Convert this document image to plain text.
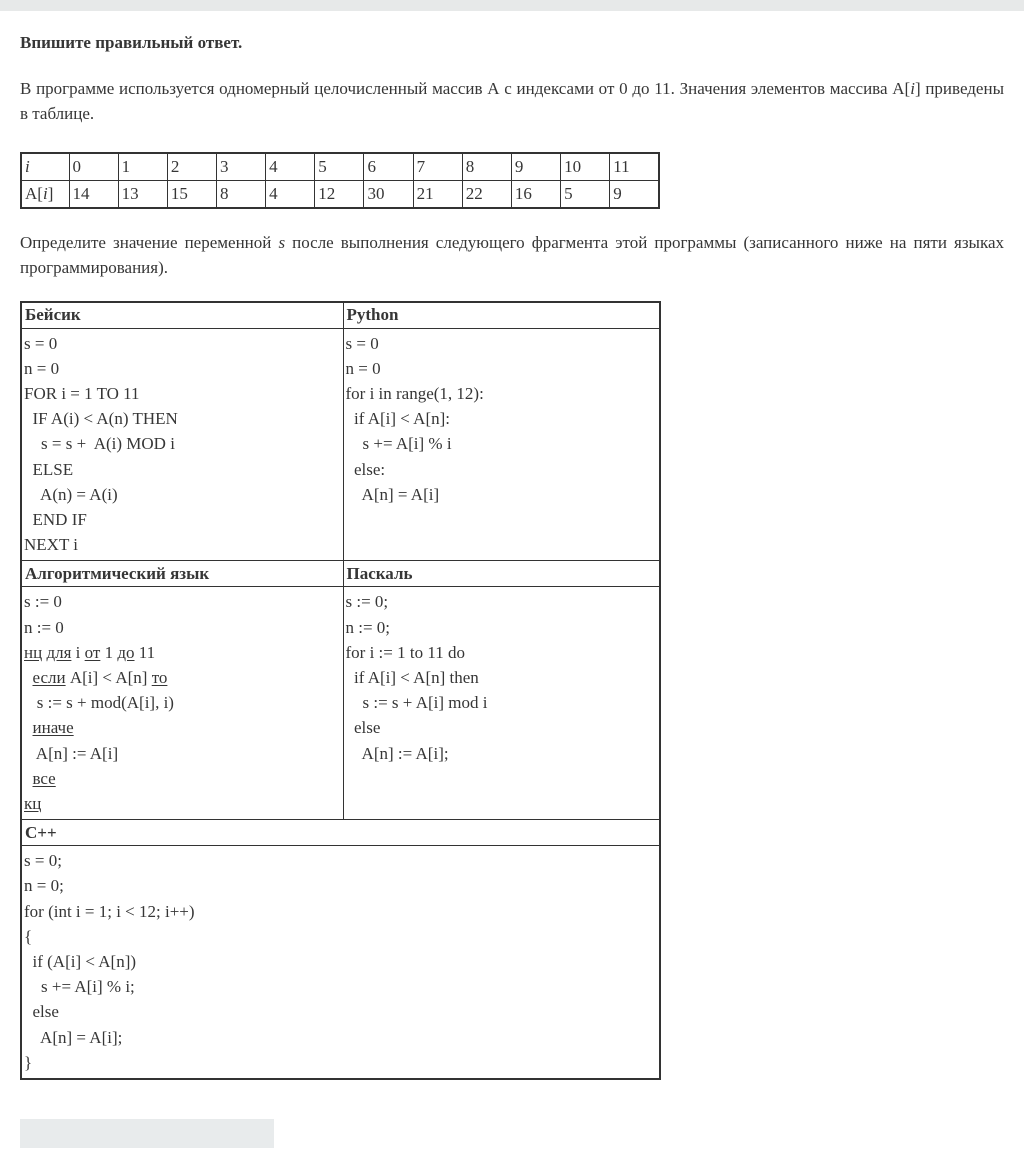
Впишите правильный ответ.

В программе используется одномерный целочисленный массив А с индексами от 0 до 11. Значения элементов массива А[i] приведены в таблице.

i	0	1	2	3	4	5	6	7	8	9	10	11
A[i]	14	13	15	8	4	12	30	21	22	16	5	9

Определите значение переменной s после выполнения следующего фрагмента этой программы (записанного ниже на пяти языках программирования).

Бейсик	Python

s = 0
n = 0
FOR i = 1 TO 11
IF A(i) < A(n) THEN
s = s +  A(i) MOD i
ELSE
A(n) = A(i)
END IF
NEXT i

s = 0
n = 0
for i in range(1, 12):
if A[i] < A[n]:
s += A[i] % i
else:
A[n] = A[i]

Алгоритмический язык	Паскаль

s := 0
n := 0
нц для i от 1 до 11
если A[i] < A[n] то
s := s + mod(A[i], i)
иначе
A[n] := A[i]
все
кц

s := 0;
n := 0;
for i := 1 to 11 do
if A[i] < A[n] then
s := s + A[i] mod i
else
A[n] := A[i];

C++	

s = 0;
n = 0;
for (int i = 1; i < 12; i++)
{
if (A[i] < A[n])
s += A[i] % i;
else
A[n] = A[i];
}
